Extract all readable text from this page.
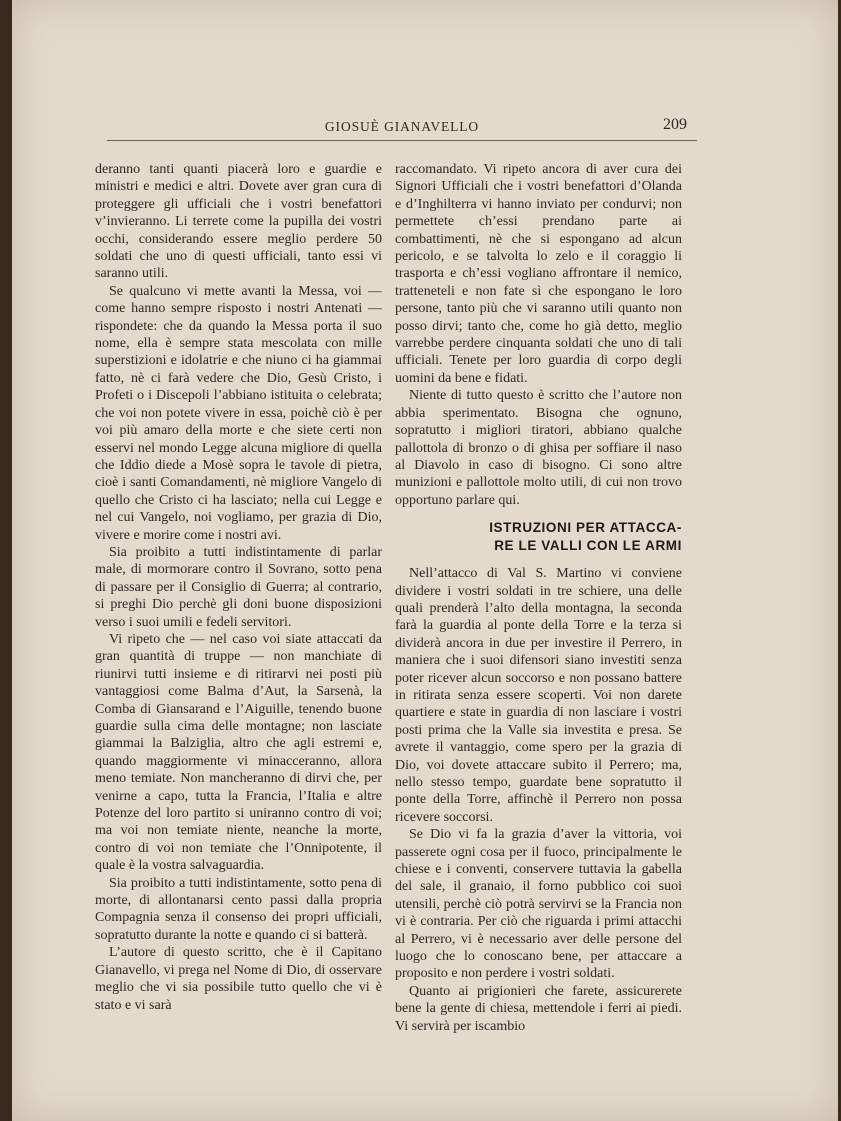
GIOSUÈ GIANAVELLO	209

deranno tanti quanti piacerà loro e guardie e ministri e medici e altri. Dovete aver gran cura di proteggere gli ufficiali che i vostri benefattori v’invieranno. Li terrete come la pupilla dei vostri occhi, considerando essere meglio perdere 50 soldati che uno di questi ufficiali, tanto essi vi saranno utili.

Se qualcuno vi mette avanti la Messa, voi — come hanno sempre risposto i nostri Antenati — rispondete: che da quando la Messa porta il suo nome, ella è sempre stata mescolata con mille superstizioni e idolatrie e che niuno ci ha giammai fatto, nè ci farà vedere che Dio, Gesù Cristo, i Profeti o i Discepoli l’abbiano istituita o celebrata; che voi non potete vivere in essa, poichè ciò è per voi più amaro della morte e che siete certi non esservi nel mondo Legge alcuna migliore di quella che Iddio diede a Mosè sopra le tavole di pietra, cioè i santi Comandamenti, nè migliore Vangelo di quello che Cristo ci ha lasciato; nella cui Legge e nel cui Vangelo, noi vogliamo, per grazia di Dio, vivere e morire come i nostri avi.

Sia proibito a tutti indistintamente di parlar male, di mormorare contro il Sovrano, sotto pena di passare per il Consiglio di Guerra; al contrario, si preghi Dio perchè gli doni buone disposizioni verso i suoi umili e fedeli servitori.

Vi ripeto che — nel caso voi siate attaccati da gran quantità di truppe — non manchiate di riunirvi tutti insieme e di ritirarvi nei posti più vantaggiosi come Balma d’Aut, la Sarsenà, la Comba di Giansarand e l’Aiguille, tenendo buone guardie sulla cima delle montagne; non lasciate giammai la Balziglia, altro che agli estremi e, quando maggiormente vi minacceranno, allora meno temiate. Non mancheranno di dirvi che, per venirne a capo, tutta la Francia, l’Italia e altre Potenze del loro partito si uniranno contro di voi; ma voi non temiate niente, neanche la morte, contro di voi non temiate che l’Onnipotente, il quale è la vostra salvaguardia.

Sia proibito a tutti indistintamente, sotto pena di morte, di allontanarsi cento passi dalla propria Compagnia senza il consenso dei propri ufficiali, sopratutto durante la notte e quando ci si batterà.

L’autore di questo scritto, che è il Capitano Gianavello, vi prega nel Nome di Dio, di osservare meglio che vi sia possibile tutto quello che vi è stato e vi sarà

raccomandato. Vi ripeto ancora di aver cura dei Signori Ufficiali che i vostri benefattori d’Olanda e d’Inghilterra vi hanno inviato per condurvi; non permettete ch’essi prendano parte ai combattimenti, nè che si espongano ad alcun pericolo, e se talvolta lo zelo e il coraggio li trasporta e ch’essi vogliano affrontare il nemico, tratteneteli e non fate sì che espongano le loro persone, tanto più che vi saranno utili quanto non posso dirvi; tanto che, come ho già detto, meglio varrebbe perdere cinquanta soldati che uno di tali ufficiali. Tenete per loro guardia di corpo degli uomini da bene e fidati.

Niente di tutto questo è scritto che l’autore non abbia sperimentato. Bisogna che ognuno, sopratutto i migliori tiratori, abbiano qualche pallottola di bronzo o di ghisa per soffiare il naso al Diavolo in caso di bisogno. Ci sono altre munizioni e pallottole molto utili, di cui non trovo opportuno parlare qui.

ISTRUZIONI PER ATTACCA-
RE LE VALLI CON LE ARMI

Nell’attacco di Val S. Martino vi conviene dividere i vostri soldati in tre schiere, una delle quali prenderà l’alto della montagna, la seconda farà la guardia al ponte della Torre e la terza si dividerà ancora in due per investire il Perrero, in maniera che i suoi difensori siano investiti senza poter ricever alcun soccorso e non possano battere in ritirata senza essere scoperti. Voi non darete quartiere e state in guardia di non lasciare i vostri posti prima che la Valle sia investita e presa. Se avrete il vantaggio, come spero per la grazia di Dio, voi dovete attaccare subito il Perrero; ma, nello stesso tempo, guardate bene sopratutto il ponte della Torre, affinchè il Perrero non possa ricevere soccorsi.

Se Dio vi fa la grazia d’aver la vittoria, voi passerete ogni cosa per il fuoco, principalmente le chiese e i conventi, conservere tuttavia la gabella del sale, il granaio, il forno pubblico coi suoi utensili, perchè ciò potrà servirvi se la Francia non vi è contraria. Per ciò che riguarda i primi attacchi al Perrero, vi è necessario aver delle persone del luogo che lo conoscano bene, per attaccare a proposito e non perdere i vostri soldati.

Quanto ai prigionieri che farete, assicurerete bene la gente di chiesa, mettendole i ferri ai piedi. Vi servirà per iscambio
